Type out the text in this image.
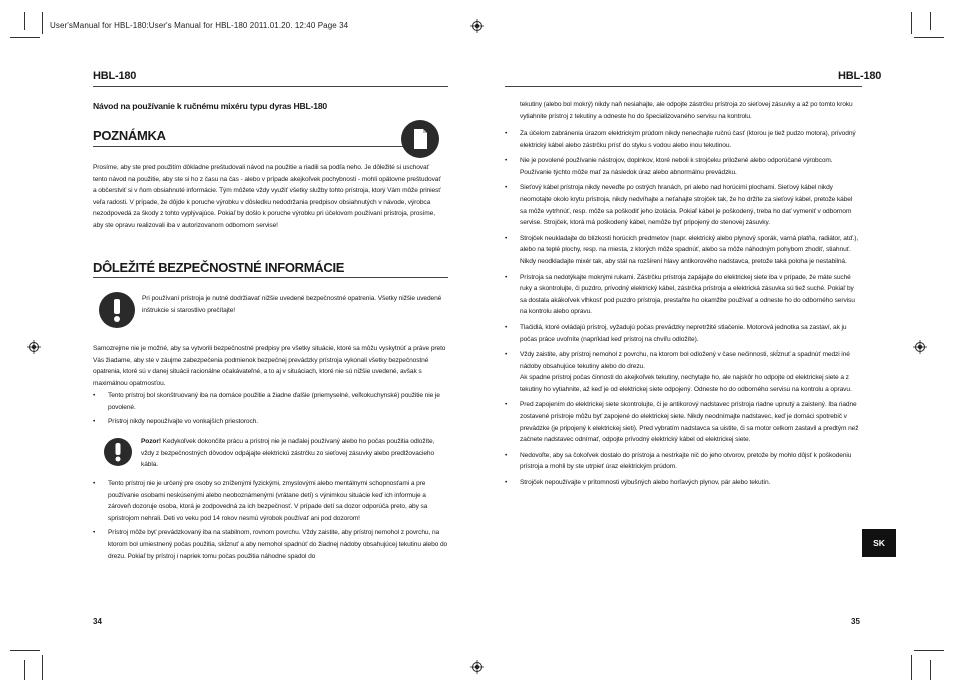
User'sManual for HBL-180:User's Manual for HBL-180 2011.01.20. 12:40 Page 34
HBL-180
Návod na používanie k ručnému mixéru typu dyras HBL-180
POZNÁMKA

Prosíme, aby ste pred použitím dôkladne preštudovali návod na použitie a riadili sa podľa neho. Je dôležité si uschovať tento návod na použitie, aby ste si ho z času na čas - alebo v prípade akejkoľvek pochybnosti - mohli opätovne preštudovať a občerstviť si v ňom obsiahnuté informácie. Tým môžete vždy využiť všetky služby tohto prístroja, ktorý Vám môže priniesť veľa radosti. V prípade, že dôjde k poruche výrobku v dôsledku nedodržania predpisov obsiahnutých v návode, výrobca nezodpovedá za škody z tohto vyplývajúce. Pokiaľ by došlo k poruche výrobku pri účelovom používaní prístroja, prosíme, aby ste opravu realizovali iba v autorizovanom odbornom servise!

DÔLEŽITÉ BEZPEČNOSTNÉ INFORMÁCIE

Pri používaní prístroja je nutné dodržiavať nižšie uvedené bezpečnostné opatrenia. Všetky nižšie uvedené inštrukcie si starostlivo prečítajte!

Samozrejme nie je možné, aby sa vytvorili bezpečnostné predpisy pre všetky situácie, ktoré sa môžu vyskytnúť a práve preto Vás žiadame, aby ste v záujme zabezpečenia podmienok bezpečnej prevádzky prístroja vykonali všetky bezpečnostné opatrenia, ktoré sú v danej situácii racionálne očakávateľné, a to aj v situáciach, ktoré nie sú nižšie uvedené, avšak s maximálnou opatrnosťou.

• Tento prístroj bol skonštruovaný iba na domáce použitie a žiadne ďalšie (priemyselné, veľkokuchynské) použitie nie je povolené.
• Prístroj nikdy nepoužívajte vo vonkajších priestoroch.

Pozor! Kedykoľvek dokončíte prácu a prístroj nie je naďalej používaný alebo ho počas použitia odložíte, vždy z bezpečnostných dôvodov odpájajte elektrickú zástrčku zo sieťovej zásuvky alebo predlžovacieho kábla.

• Tento prístroj nie je určený pre osoby so zníženými fyzickými, zmyslovými alebo mentálnymi schopnosťami a pre používanie osobami neskúsenými alebo neoboznámenými (vrátane detí) s výnimkou situácie keď ich informuje a zároveň dozoruje osoba, ktorá je zodpovedná za ich bezpečnosť. V prípade detí sa dozor odporúča preto, aby sa spristrojom nehrali. Deti vo veku pod 14 rokov nesmú výrobok používať ani pod dozorom!
• Prístroj môže byť prevádzkovaný iba na stabilnom, rovnom povrchu. Vždy zaistite, aby prístroj nemohol z povrchu, na ktorom bol umiestnený počas použitia, skĺznuť a aby nemohol spadnúť do žiadnej nádoby obsahujúcej tekutinu alebo do drezu. Pokiaľ by prístroj i napriek tomu počas použitia náhodne spadol do
34
HBL-180

tekutiny (alebo bol mokrý) nikdy naň nesiahajte, ale odpojte zástrčku prístroja zo sieťovej zásuvky a až po tomto kroku vytiahnite prístroj z tekutiny a odneste ho do špecializovaného servisu na kontrolu.

• Za účelom zabránenia úrazom elektrickým prúdom nikdy nenechajte ručnú časť (ktorou je tiež pudzo motora), prívodný elektrický kábel alebo zástrčku prísť do styku s vodou alebo inou tekutinou.
• Nie je povolené používanie nástrojov, doplnkov, ktoré neboli k strojčeku priložené alebo odporúčané výrobcom. Používanie týchto môže mať za následok úraz alebo abnormálnu prevádzku.
• Sieťový kábel prístroja nikdy neveďte po ostrých hranách, pri alebo nad horúcimi plochami. Sieťový kábel nikdy neomotajte okolo krytu prístroja, nikdy nedvíhajte a neťahajte strojček tak, že ho držíte za sieťový kábel, pretože kábel sa môže vytrhnúť, resp. môže sa poškodiť jeho izolácia. Pokiaľ kábel je poškodený, treba ho dať vymeniť v odbornom servise. Strojček, ktorá má poškodený kábel, nemôže byť pripojený do stenovej zásuvky.
• Strojček neukladajte do blízkosti horúcich predmetov (napr. elektrický alebo plynový sporák, varná platňa, radiátor, atď.), alebo na teplé plochy, resp. na miesta, z ktorých môže spadnúť, alebo sa môže náhodným pohybom zhodiť, stiahnuť.
Nikdy neodkladajte mixér tak, aby stál na rozšírení hlavy antikorového nadstavca, pretože taká poloha je nestabilná.
• Prístroja sa nedotýkajte mokrými rukami. Zástrčku prístroja zapájajte do elektrickej siete iba v prípade, že máte suché ruky a skontrolujte, či puzdro, prívodný elektrický kábel, zástrčka prístroja a elektrická zásuvka sú tiež suché. Pokiaľ by sa dostala akákoľvek vlhkosť pod puzdro prístroja, prestaňte ho okamžite používať a odneste ho do odborného servisu na kontrolu alebo opravu.
• Tlačidlá, ktoré ovládajú prístroj, vyžadujú počas prevádzky nepretržité stlačenie. Motorová jednotka sa zastaví, ak ju počas práce uvoľníte (napríklad keď prístroj na chvíľu odložíte).
• Vždy zaistite, aby prístroj nemohol z povrchu, na ktorom bol odložený v čase nečinnosti, skĺznuť a spadnúť medzi iné nádoby obsahujúce tekutiny alebo do drezu.
Ak spadne prístroj počas činnosti do akejkoľvek tekutiny, nechytajte ho, ale najskôr ho odpojte od elektrickej siete a z tekutiny ho vytiahnite, až keď je od elektrickej siete odpojený. Odneste ho do odborného servisu na kontrolu a opravu.
• Pred zapojením do elektrickej siete skontrolujte, či je antikorový nadstavec prístroja riadne upnutý a zaistený. Iba riadne zostavené prístroje môžu byť zapojené do elektrickej siete. Nikdy neodnímajte nadstavec, keď je domáci spotrebič v prevádzke (je pripojený k elektrickej sieti). Pred vybratím nadstavca sa uistite, či sa motor celkom zastavil a predtým než začnete nadstavec odnímať, odpojte prívodný elektrický kábel od elektrickej siete.
• Nedovoľte, aby sa čokoľvek dostalo do prístroja a nestrkajte nič do jeho otvorov, pretože by mohlo dôjsť k poškodeniu prístroja a mohli by ste utrpieť úraz elektrickým prúdom.
• Strojček nepoužívajte v prítomnosti výbušných alebo horľavých plynov, pár alebo tekutín.
SK
35
